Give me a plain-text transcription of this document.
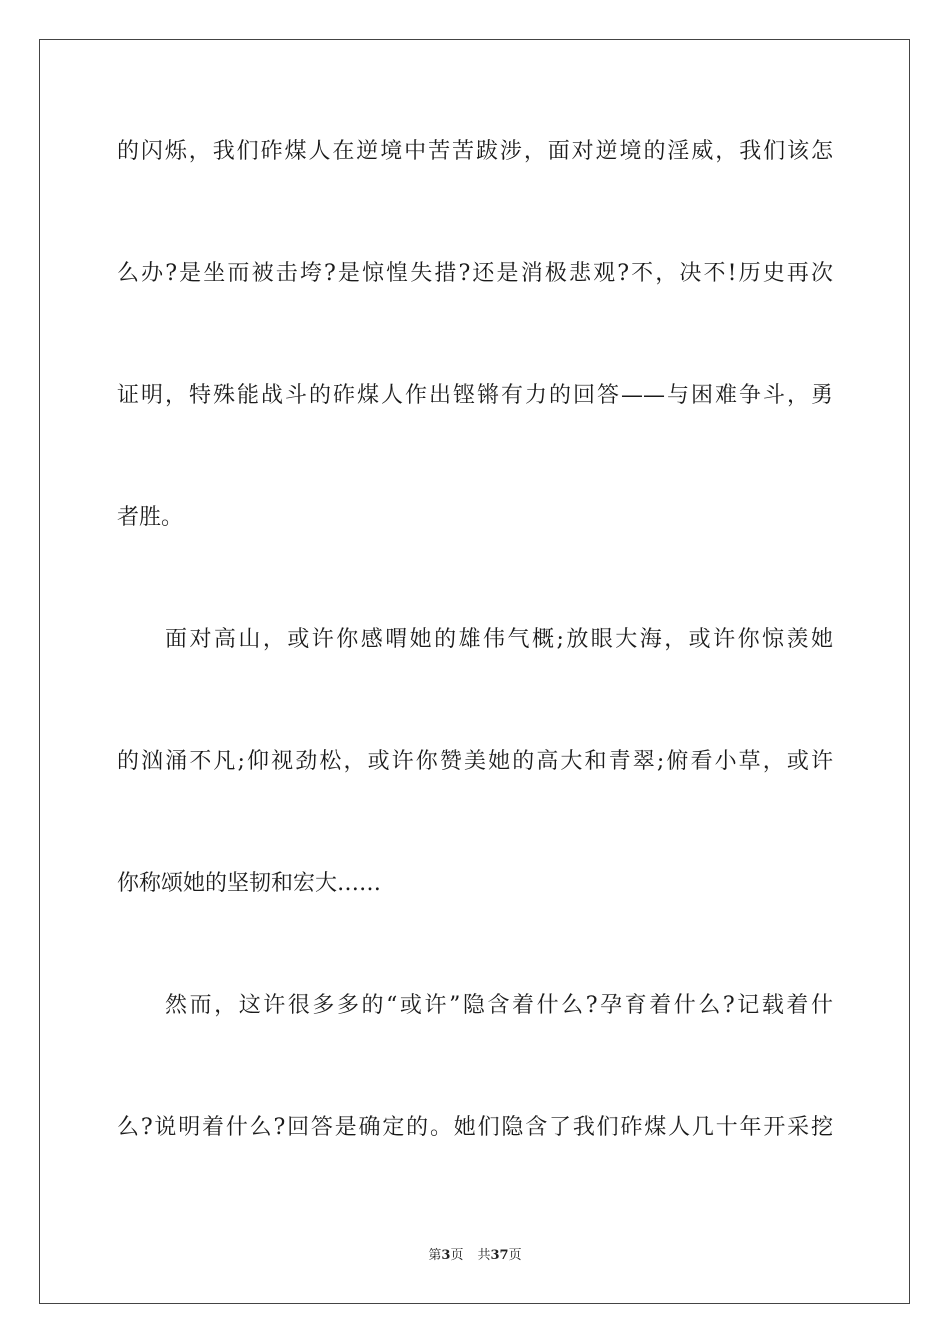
的闪烁，我们砟煤人在逆境中苦苦跋涉，面对逆境的淫威，我们该怎
么办?是坐而被击垮?是惊惶失措?还是消极悲观?不，决不!历史再次
证明，特殊能战斗的砟煤人作出铿锵有力的回答——与困难争斗，勇
者胜。
面对高山，或许你感喟她的雄伟气概;放眼大海，或许你惊羡她
的汹涌不凡;仰视劲松，或许你赞美她的高大和青翠;俯看小草，或许
你称颂她的坚韧和宏大……
然而，这许很多多的“或许”隐含着什么?孕育着什么?记载着什
么?说明着什么?回答是确定的。她们隐含了我们砟煤人几十年开采挖
第3页 共37页
